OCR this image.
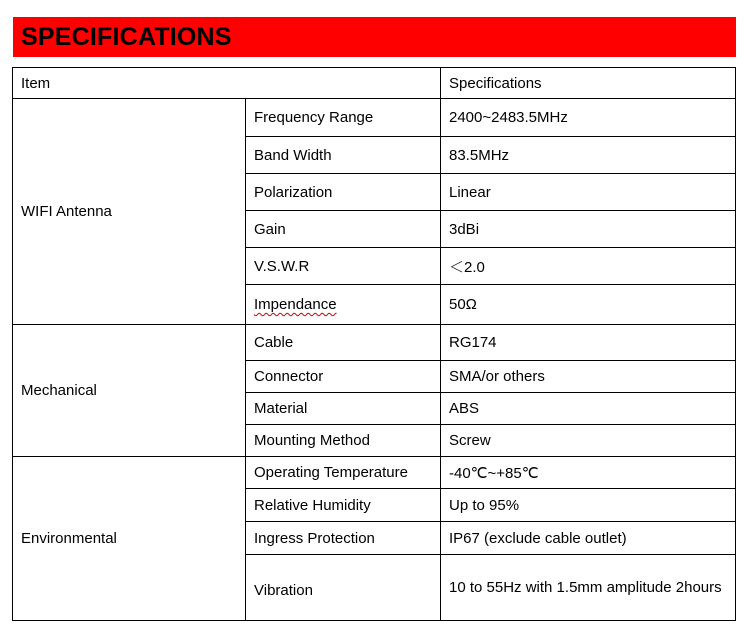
SPECIFICATIONS
Item		Specifications
WIFI Antenna	Frequency Range	2400~2483.5MHz
	Band Width	83.5MHz
	Polarization	Linear
	Gain	3dBi
	V.S.W.R	＜2.0
	Impendance	50Ω
Mechanical	Cable	RG174
	Connector	SMA/or others
	Material	ABS
	Mounting Method	Screw
Environmental	Operating Temperature	-40℃~+85℃
	Relative Humidity	Up to 95%
	Ingress Protection	IP67 (exclude cable outlet)
	Vibration	10 to 55Hz with 1.5mm amplitude 2hours
